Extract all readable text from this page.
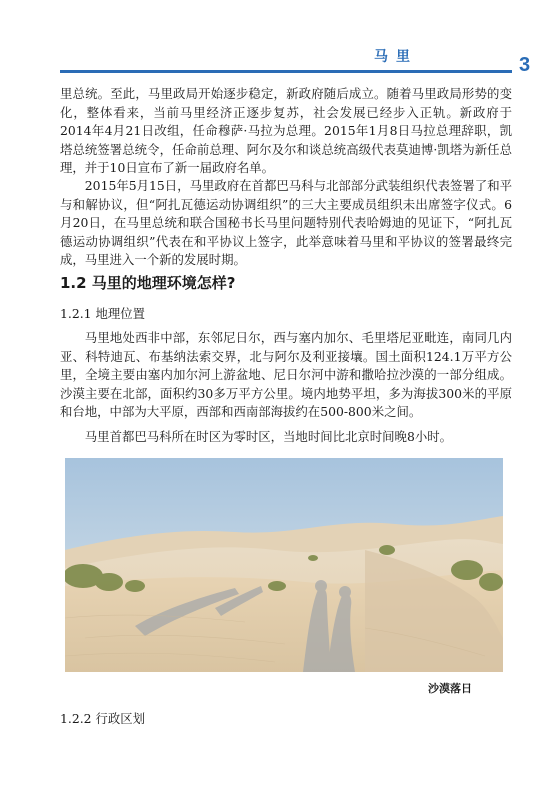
马里	3

里总统。至此，马里政局开始逐步稳定，新政府随后成立。随着马里政局形势的变化，整体看来，当前马里经济正逐步复苏，社会发展已经步入正轨。新政府于2014年4月21日改组，任命穆萨·马拉为总理。2015年1月8日马拉总理辞职，凯塔总统签署总统令，任命前总理、阿尔及尔和谈总统高级代表莫迪博·凯塔为新任总理，并于10日宣布了新一届政府名单。

2015年5月15日，马里政府在首都巴马科与北部部分武装组织代表签署了和平与和解协议，但“阿扎瓦德运动协调组织”的三大主要成员组织未出席签字仪式。6月20日，在马里总统和联合国秘书长马里问题特别代表哈姆迪的见证下，“阿扎瓦德运动协调组织”代表在和平协议上签字，此举意味着马里和平协议的签署最终完成，马里进入一个新的发展时期。

1.2 马里的地理环境怎样?
1.2.1 地理位置

马里地处西非中部，东邻尼日尔，西与塞内加尔、毛里塔尼亚毗连，南同几内亚、科特迪瓦、布基纳法索交界，北与阿尔及利亚接壤。国土面积124.1万平方公里，全境主要由塞内加尔河上游盆地、尼日尔河中游和撒哈拉沙漠的一部分组成。沙漠主要在北部，面积约30多万平方公里。境内地势平坦，多为海拔300米的平原和台地，中部为大平原，西部和西南部海拔约在500-800米之间。

马里首都巴马科所在时区为零时区，当地时间比北京时间晚8小时。

沙漠落日
1.2.2 行政区划
